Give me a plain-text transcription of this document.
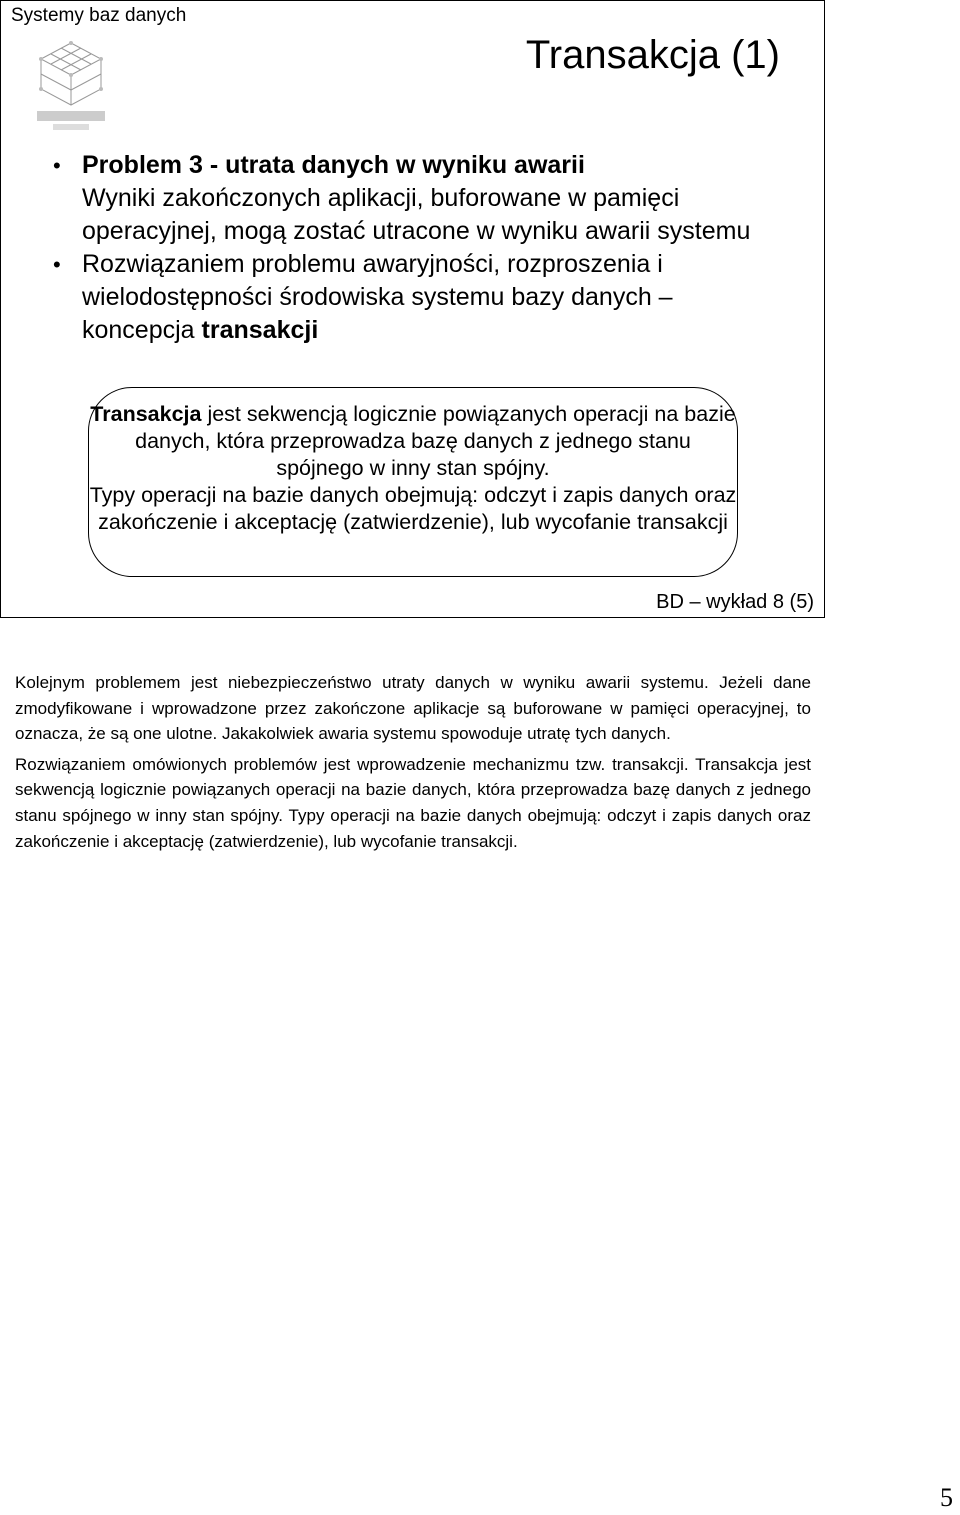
Systemy baz danych
Transakcja (1)
• Problem 3 - utrata danych w wyniku awarii
Wyniki zakończonych aplikacji, buforowane w pamięci operacyjnej, mogą zostać utracone w wyniku awarii systemu
• Rozwiązaniem problemu awaryjności, rozproszenia i wielodostępności środowiska systemu bazy danych – koncepcja transakcji
Transakcja jest sekwencją logicznie powiązanych operacji na bazie danych, która przeprowadza bazę danych z jednego stanu spójnego w inny stan spójny.
Typy operacji na bazie danych obejmują: odczyt i zapis danych oraz zakończenie i akceptację (zatwierdzenie), lub wycofanie transakcji
BD – wykład 8 (5)

Kolejnym problemem jest niebezpieczeństwo utraty danych w wyniku awarii systemu. Jeżeli dane zmodyfikowane i wprowadzone przez zakończone aplikacje są buforowane w pamięci operacyjnej, to oznacza, że są one ulotne. Jakakolwiek awaria systemu spowoduje utratę tych danych.

Rozwiązaniem omówionych problemów jest wprowadzenie mechanizmu tzw. transakcji. Transakcja jest sekwencją logicznie powiązanych operacji na bazie danych, która przeprowadza bazę danych z jednego stanu spójnego w inny stan spójny. Typy operacji na bazie danych obejmują: odczyt i zapis danych oraz zakończenie i akceptację (zatwierdzenie), lub wycofanie transakcji.

5
